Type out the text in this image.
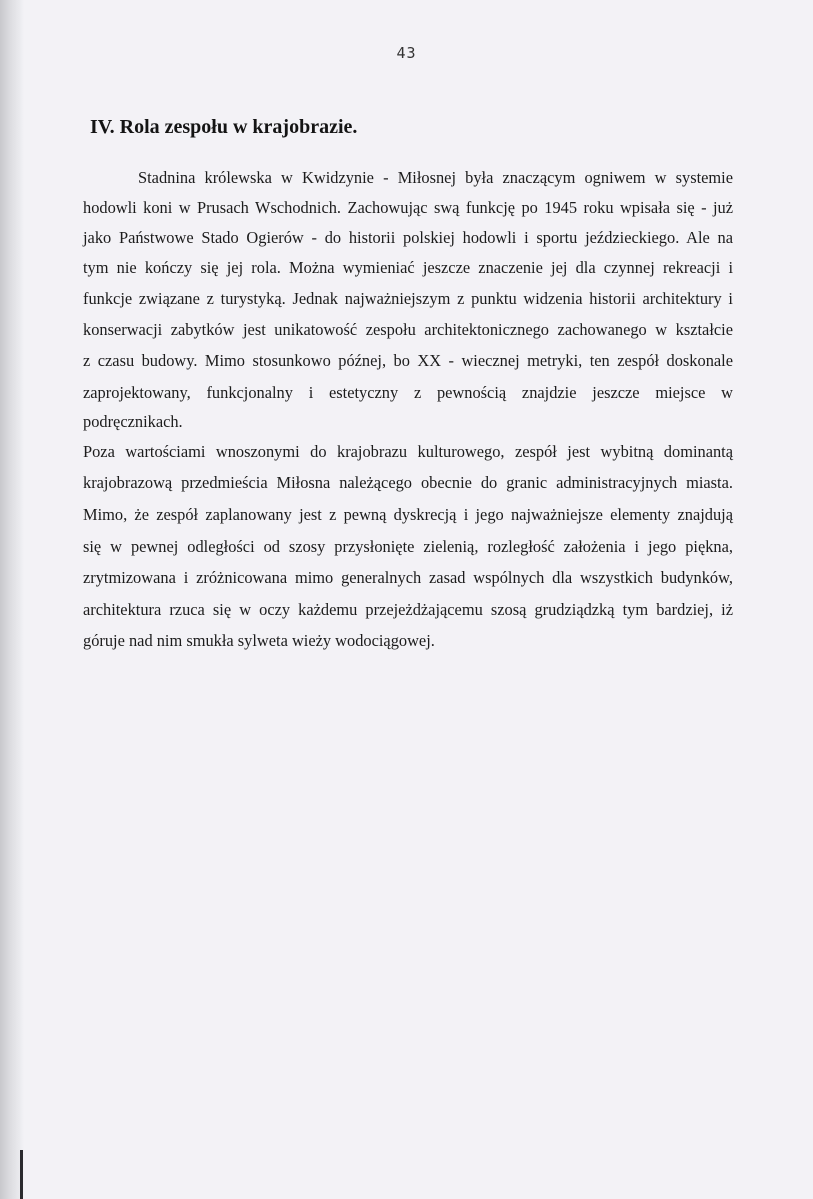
43
IV. Rola zespołu w krajobrazie.

Stadnina królewska w Kwidzynie - Miłosnej była znaczącym ogniwem w systemie

hodowli koni w Prusach Wschodnich. Zachowując swą funkcję po 1945 roku wpisała się - już

jako Państwowe Stado Ogierów - do historii polskiej hodowli i sportu jeździeckiego. Ale na

tym nie kończy się jej rola. Można wymieniać jeszcze znaczenie jej dla czynnej rekreacji i

funkcje związane z turystyką. Jednak najważniejszym z punktu widzenia historii architektury i

konserwacji zabytków jest unikatowość zespołu architektonicznego zachowanego w kształcie

z czasu budowy. Mimo stosunkowo późnej, bo XX - wiecznej metryki, ten zespół doskonale

zaprojektowany, funkcjonalny i estetyczny z pewnością znajdzie jeszcze miejsce w

podręcznikach.

Poza wartościami wnoszonymi do krajobrazu kulturowego, zespół jest wybitną dominantą

krajobrazową przedmieścia Miłosna należącego obecnie do granic administracyjnych miasta.

Mimo, że zespół zaplanowany jest z pewną dyskrecją i jego najważniejsze elementy znajdują

się w pewnej odległości od szosy przysłonięte zielenią, rozległość założenia i jego piękna,

zrytmizowana i zróżnicowana mimo generalnych zasad wspólnych dla wszystkich budynków,

architektura rzuca się w oczy każdemu przejeżdżającemu szosą grudziądzką tym bardziej, iż

góruje nad nim smukła sylweta wieży wodociągowej.
